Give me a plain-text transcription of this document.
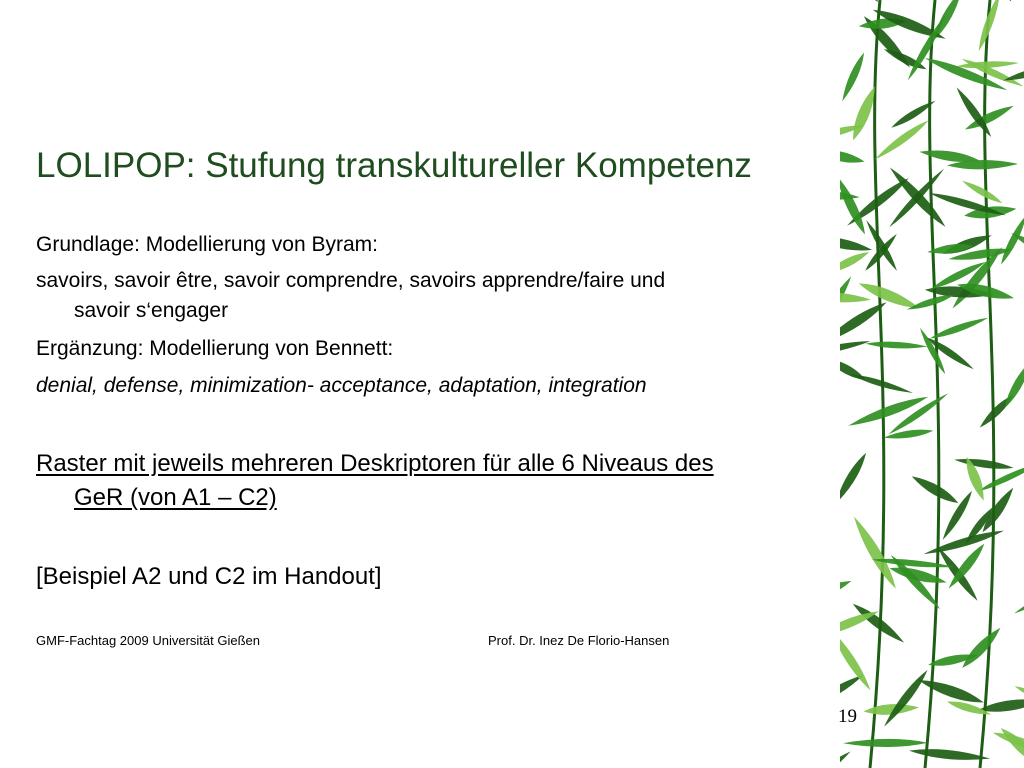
LOLIPOP: Stufung transkultureller Kompetenz
Grundlage: Modellierung von Byram:
savoirs, savoir être, savoir comprendre, savoirs apprendre/faire und
savoir s‘engager
Ergänzung: Modellierung von Bennett:
denial, defense, minimization- acceptance, adaptation, integration
Raster mit jeweils mehreren Deskriptoren für alle 6 Niveaus des
GeR (von A1 – C2)
[Beispiel A2 und C2 im Handout]
GMF-Fachtag 2009 Universität Gießen	Prof. Dr. Inez De Florio-Hansen
19
